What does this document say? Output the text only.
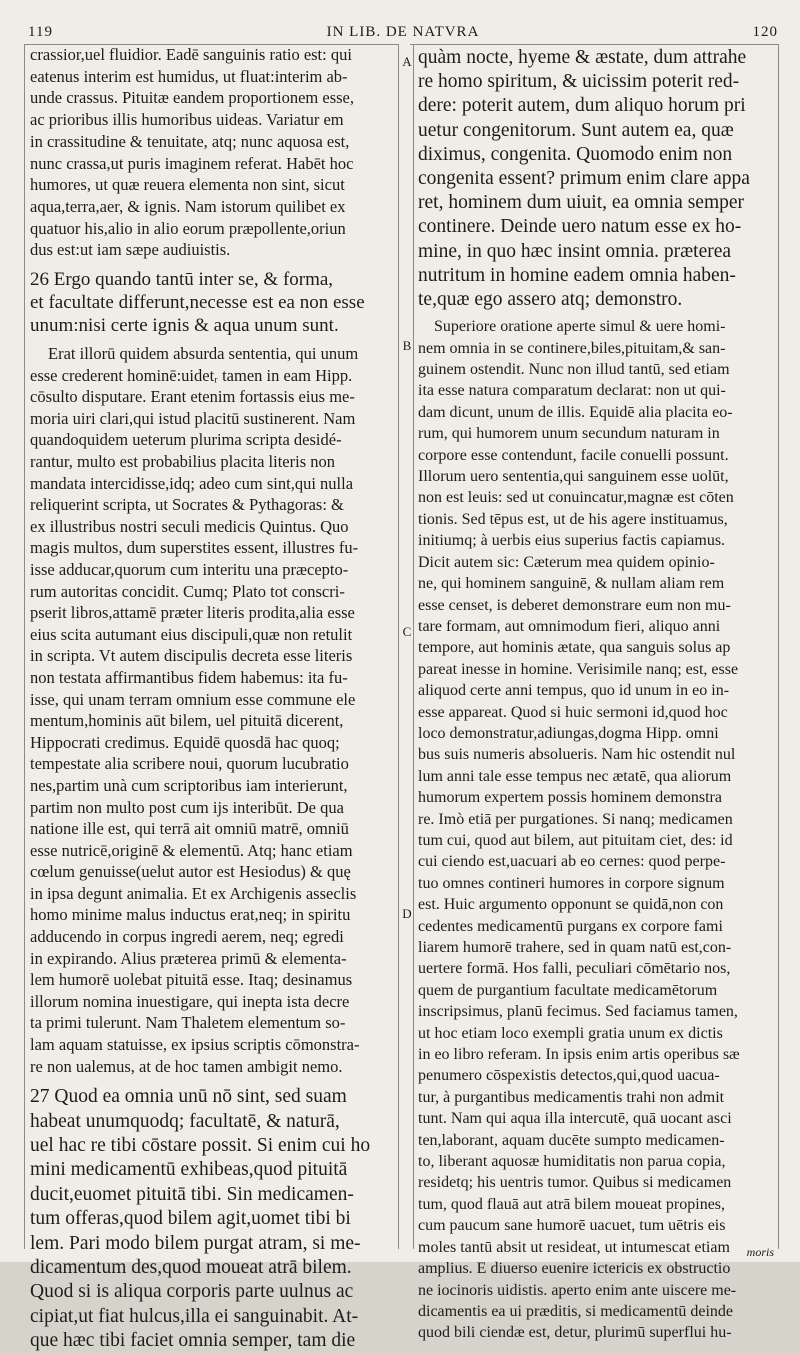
119	IN LIB. DE NATVRA	120
A
B
C
D

crassior,uel fluidior. Eadē sanguinis ratio est: qui

eatenus interim est humidus, ut fluat:interim ab-

unde crassus. Pituitæ eandem proportionem esse,

ac prioribus illis humoribus uideas. Variatur em

in crassitudine & tenuitate, atq; nunc aquosa est,

nunc crassa,ut puris imaginem referat. Habēt hoc

humores, ut quæ reuera elementa non sint, sicut

aqua,terra,aer, & ignis. Nam istorum quilibet ex

quatuor his,alio in alio eorum præpollente,oriun

dus est:ut iam sæpe audiuistis.

26 Ergo quando tantū inter se, & forma,

et facultate differunt,necesse est ea non esse

unum:nisi certe ignis & aqua unum sunt.

Erat illorū quidem absurda sententia, qui unum

esse crederent hominē:uidetᵣ tamen in eam Hipp.

cōsulto disputare. Erant etenim fortassis eius me-

moria uiri clari,qui istud placitū sustinerent. Nam

quandoquidem ueterum plurima scripta desidé-

rantur, multo est probabilius placita literis non

mandata intercidisse,idq; adeo cum sint,qui nulla

reliquerint scripta, ut Socrates & Pythagoras: &

ex illustribus nostri seculi medicis Quintus. Quo

magis multos, dum superstites essent, illustres fu-

isse adducar,quorum cum interitu una præcepto-

rum autoritas concidit. Cumq; Plato tot conscri-

pserit libros,attamē præter literis prodita,alia esse

eius scita autumant eius discipuli,quæ non retulit

in scripta. Vt autem discipulis decreta esse literis

non testata affirmantibus fidem habemus: ita fu-

isse, qui unam terram omnium esse commune ele

mentum,hominis aūt bilem, uel pituitā dicerent,

Hippocrati credimus. Equidē quosdā hac quoq;

tempestate alia scribere noui, quorum lucubratio

nes,partim unà cum scriptoribus iam interierunt,

partim non multo post cum ijs interibūt. De qua

natione ille est, qui terrā ait omniū matrē, omniū

esse nutricē,originē & elementū. Atq; hanc etiam

cœlum genuisse(uelut autor est Hesiodus) & quę

in ipsa degunt animalia. Et ex Archigenis asseclis

homo minime malus inductus erat,neq; in spiritu

adducendo in corpus ingredi aerem, neq; egredi

in expirando. Alius præterea primū & elementa-

lem humorē uolebat pituitā esse. Itaq; desinamus

illorum nomina inuestigare, qui inepta ista decre

ta primi tulerunt. Nam Thaletem elementum so-

lam aquam statuisse, ex ipsius scriptis cōmonstra-

re non ualemus, at de hoc tamen ambigit nemo.

27 Quod ea omnia unū nō sint, sed suam

habeat unumquodq; facultatē, & naturā,

uel hac re tibi cōstare possit. Si enim cui ho

mini medicamentū exhibeas,quod pituitā

ducit,euomet pituitā tibi. Sin medicamen-

tum offeras,quod bilem agit,uomet tibi bi

lem. Pari modo bilem purgat atram, si me-

dicamentum des,quod moueat atrā bilem.

Quod si is aliqua corporis parte uulnus ac

cipiat,ut fiat hulcus,illa ei sanguinabit. At-

que hæc tibi faciet omnia semper, tam die

quàm nocte, hyeme & æstate, dum attrahe

re homo spiritum, & uicissim poterit red-

dere: poterit autem, dum aliquo horum pri

uetur congenitorum. Sunt autem ea, quæ

diximus, congenita. Quomodo enim non

congenita essent? primum enim clare appa

ret, hominem dum uiuit, ea omnia semper

continere. Deinde uero natum esse ex ho-

mine, in quo hæc insint omnia. præterea

nutritum in homine eadem omnia haben-

te,quæ ego assero atq; demonstro.

Superiore oratione aperte simul & uere homi-

nem omnia in se continere,biles,pituitam,& san-

guinem ostendit. Nunc non illud tantū, sed etiam

ita esse natura comparatum declarat: non ut qui-

dam dicunt, unum de illis. Equidē alia placita eo-

rum, qui humorem unum secundum naturam in

corpore esse contendunt, facile conuelli possunt.

Illorum uero sententia,qui sanguinem esse uolūt,

non est leuis: sed ut conuincatur,magnæ est cōten

tionis. Sed tēpus est, ut de his agere instituamus,

initiumq; à uerbis eius superius factis capiamus.

Dicit autem sic: Cæterum mea quidem opinio-

ne, qui hominem sanguinē, & nullam aliam rem

esse censet, is deberet demonstrare eum non mu-

tare formam, aut omnimodum fieri, aliquo anni

tempore, aut hominis ætate, qua sanguis solus ap

pareat inesse in homine. Verisimile nanq; est, esse

aliquod certe anni tempus, quo id unum in eo in-

esse appareat. Quod si huic sermoni id,quod hoc

loco demonstratur,adiungas,dogma Hipp. omni

bus suis numeris absolueris. Nam hic ostendit nul

lum anni tale esse tempus nec ætatē, qua aliorum

humorum expertem possis hominem demonstra

re. Imò etiā per purgationes. Si nanq; medicamen

tum cui, quod aut bilem, aut pituitam ciet, des: id

cui ciendo est,uacuari ab eo cernes: quod perpe-

tuo omnes contineri humores in corpore signum

est. Huic argumento opponunt se quidā,non con

cedentes medicamentū purgans ex corpore fami

liarem humorē trahere, sed in quam natū est,con-

uertere formā. Hos falli, peculiari cōmētario nos,

quem de purgantium facultate medicamētorum

inscripsimus, planū fecimus. Sed faciamus tamen,

ut hoc etiam loco exempli gratia unum ex dictis

in eo libro referam. In ipsis enim artis operibus sæ

penumero cōspexistis detectos,qui,quod uacua-

tur, à purgantibus medicamentis trahi non admit

tunt. Nam qui aqua illa intercutē, quā uocant asci

ten,laborant, aquam ducēte sumpto medicamen-

to, liberant aquosæ humiditatis non parua copia,

residetq; his uentris tumor. Quibus si medicamen

tum, quod flauā aut atrā bilem moueat propines,

cum paucum sane humorē uacuet, tum uētris eis

moles tantū absit ut residеat, ut intumescat etiam

amplius. E diuerso euenire ictericis ex obstructio

ne iocinoris uidistis. aperto enim ante uiscere me-

dicamentis ea ui præditis, si medicamentū deinde

quod bili ciendæ est, detur, plurimū superflui hu-

moris
